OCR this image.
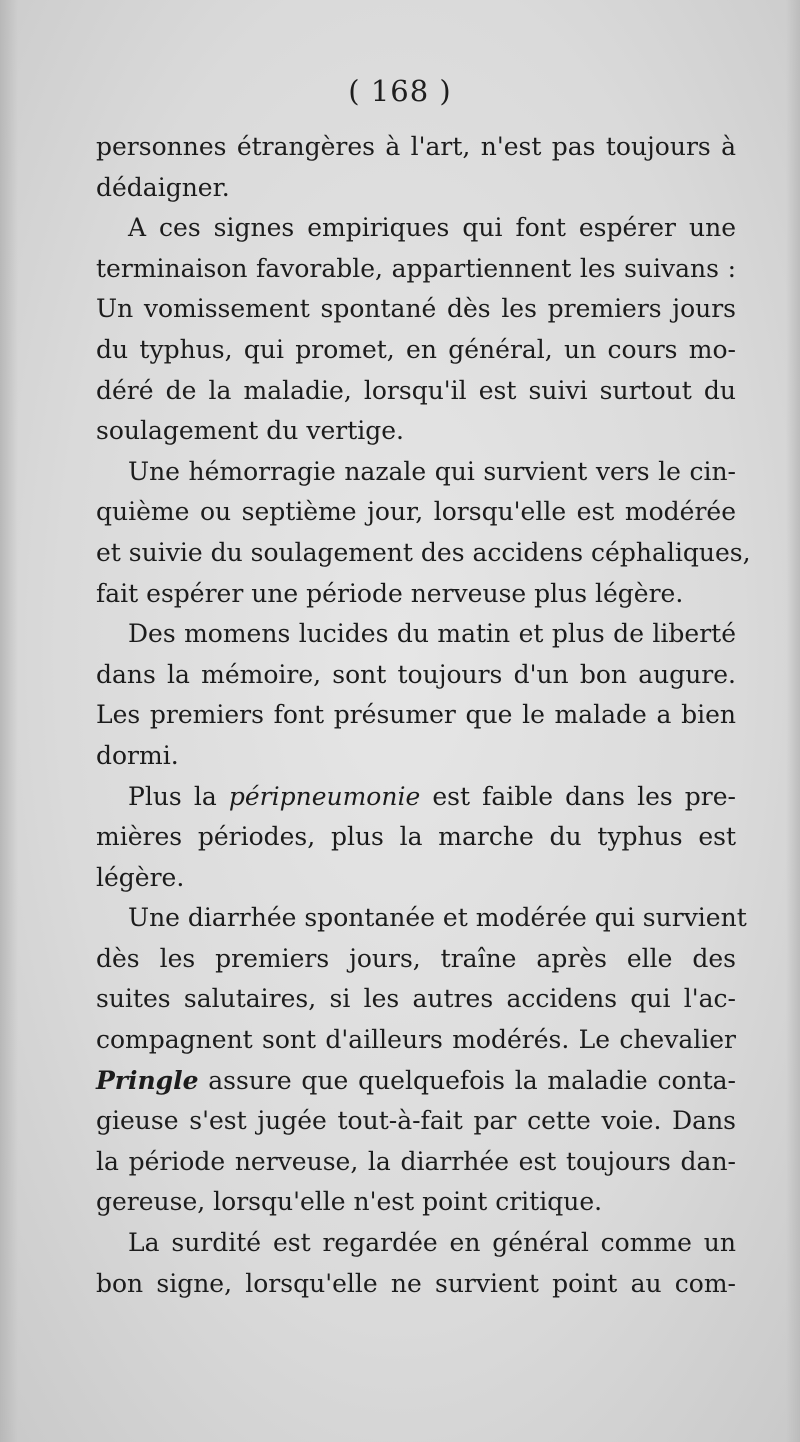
( 168 )
personnes étrangères à l'art, n'est pas toujours à
dédaigner.
A ces signes empiriques qui font espérer une
terminaison favorable, appartiennent les suivans :
Un vomissement spontané dès les premiers jours
du typhus, qui promet, en général, un cours mo-
déré de la maladie, lorsqu'il est suivi surtout du
soulagement du vertige.
Une hémorragie nazale qui survient vers le cin-
quième ou septième jour, lorsqu'elle est modérée
et suivie du soulagement des accidens céphaliques,
fait espérer une période nerveuse plus légère.
Des momens lucides du matin et plus de liberté
dans la mémoire, sont toujours d'un bon augure.
Les premiers font présumer que le malade a bien
dormi.
Plus la péripneumonie est faible dans les pre-
mières périodes, plus la marche du typhus est
légère.
Une diarrhée spontanée et modérée qui survient
dès les premiers jours, traîne après elle des
suites salutaires, si les autres accidens qui l'ac-
compagnent sont d'ailleurs modérés. Le chevalier
Pringle assure que quelquefois la maladie conta-
gieuse s'est jugée tout-à-fait par cette voie. Dans
la période nerveuse, la diarrhée est toujours dan-
gereuse, lorsqu'elle n'est point critique.
La surdité est regardée en général comme un
bon signe, lorsqu'elle ne survient point au com-
